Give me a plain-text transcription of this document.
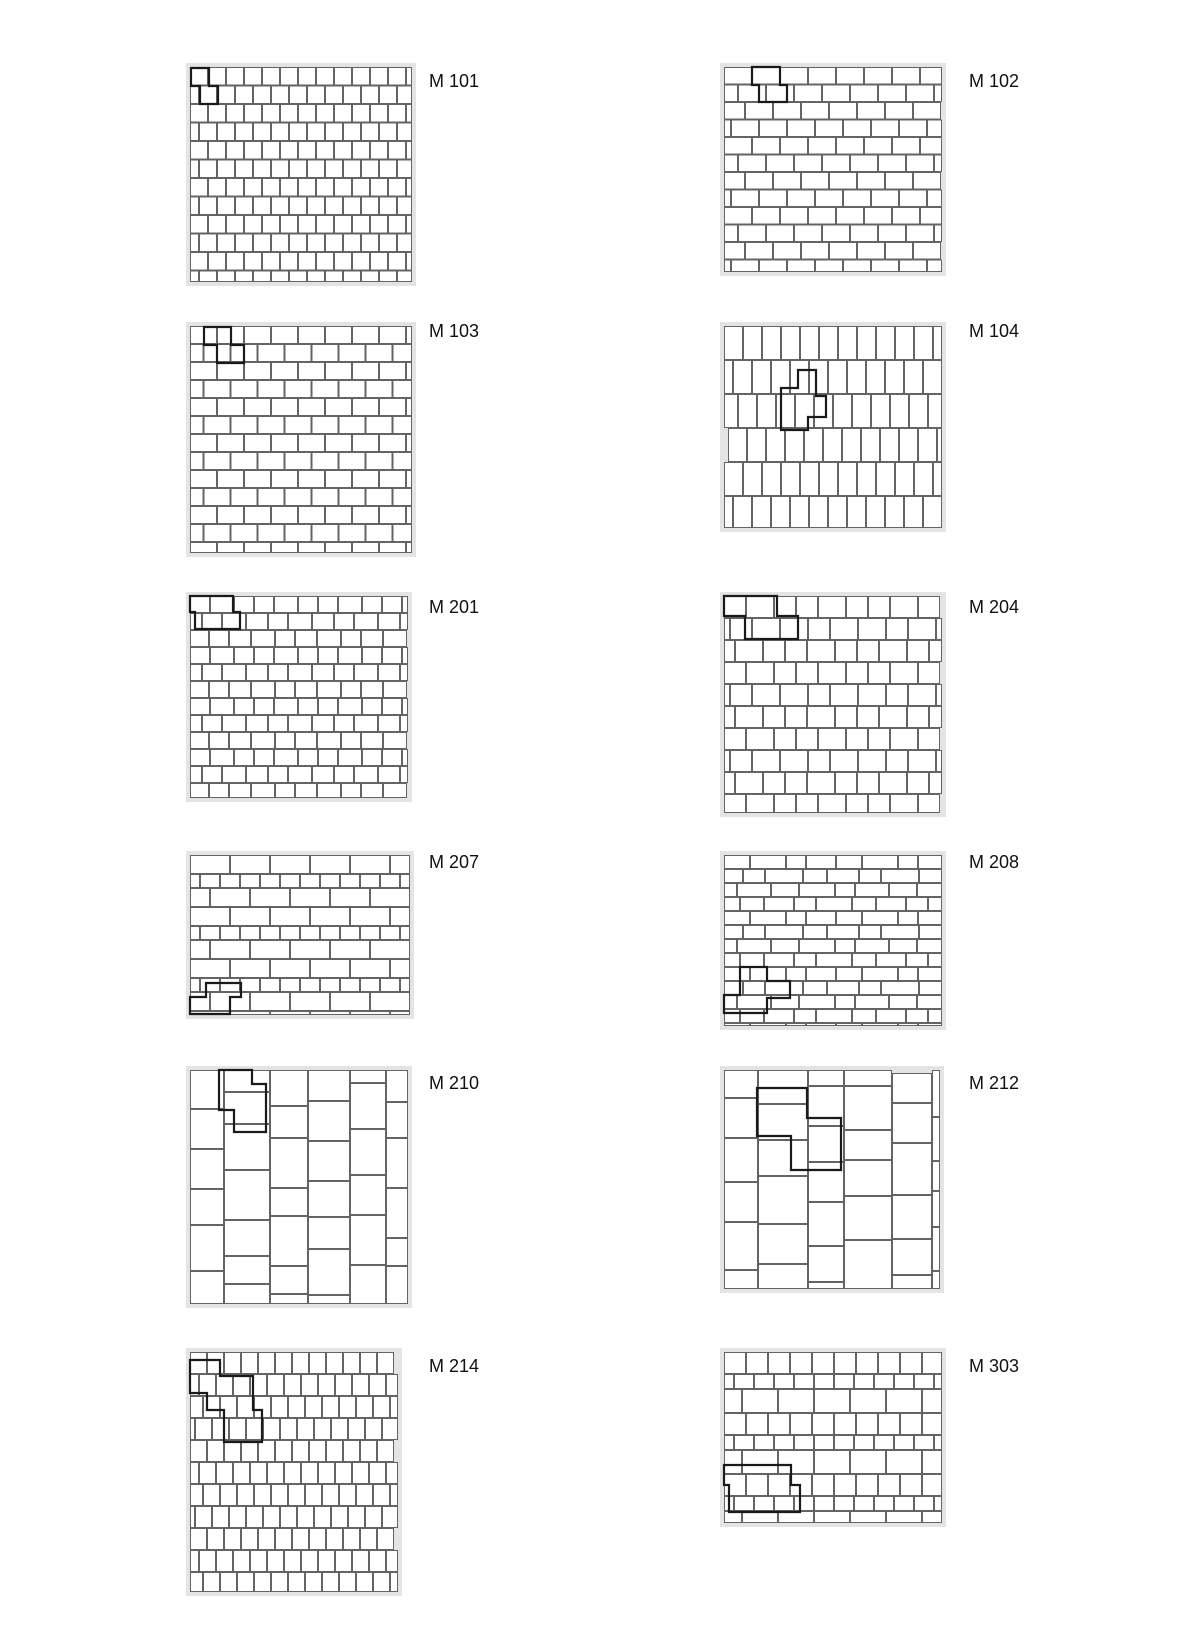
M 101	M 102
M 103	M 104
M 201	M 204
M 207	M 208
M 210	M 212
M 214	M 303
